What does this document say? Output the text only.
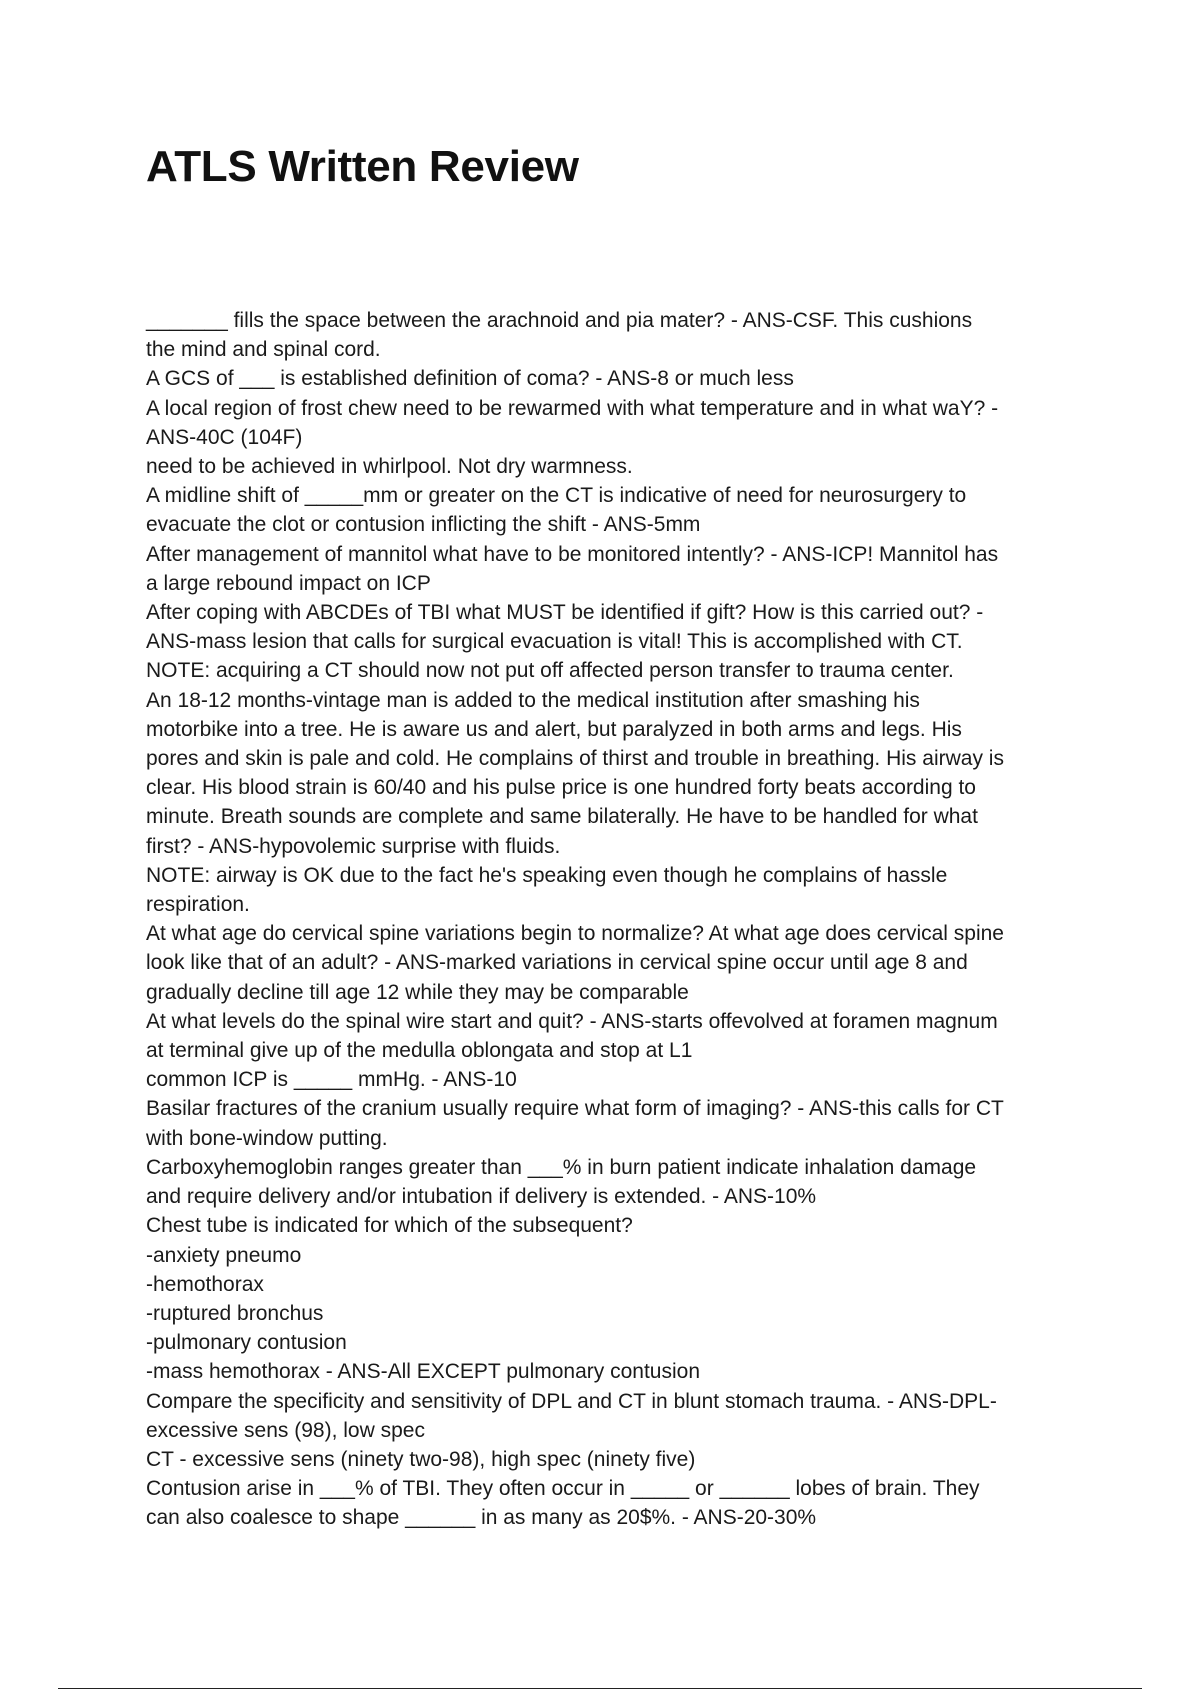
ATLS Written Review
_______ fills the space between the arachnoid and pia mater? - ANS-CSF. This cushions
the mind and spinal cord.
A GCS of ___ is established definition of coma? - ANS-8 or much less
A local region of frost chew need to be rewarmed with what temperature and in what waY? -
ANS-40C (104F)
need to be achieved in whirlpool. Not dry warmness.
A midline shift of _____mm or greater on the CT is indicative of need for neurosurgery to
evacuate the clot or contusion inflicting the shift - ANS-5mm
After management of mannitol what have to be monitored intently? - ANS-ICP! Mannitol has
a large rebound impact on ICP
After coping with ABCDEs of TBI what MUST be identified if gift? How is this carried out? -
ANS-mass lesion that calls for surgical evacuation is vital! This is accomplished with CT.
NOTE: acquiring a CT should now not put off affected person transfer to trauma center.
An 18-12 months-vintage man is added to the medical institution after smashing his
motorbike into a tree. He is aware us and alert, but paralyzed in both arms and legs. His
pores and skin is pale and cold. He complains of thirst and trouble in breathing. His airway is
clear. His blood strain is 60/40 and his pulse price is one hundred forty beats according to
minute. Breath sounds are complete and same bilaterally. He have to be handled for what
first? - ANS-hypovolemic surprise with fluids.
NOTE: airway is OK due to the fact he's speaking even though he complains of hassle
respiration.
At what age do cervical spine variations begin to normalize? At what age does cervical spine
look like that of an adult? - ANS-marked variations in cervical spine occur until age 8 and
gradually decline till age 12 while they may be comparable
At what levels do the spinal wire start and quit? - ANS-starts offevolved at foramen magnum
at terminal give up of the medulla oblongata and stop at L1
common ICP is _____ mmHg. - ANS-10
Basilar fractures of the cranium usually require what form of imaging? - ANS-this calls for CT
with bone-window putting.
Carboxyhemoglobin ranges greater than ___% in burn patient indicate inhalation damage
and require delivery and/or intubation if delivery is extended. - ANS-10%
Chest tube is indicated for which of the subsequent?
-anxiety pneumo
-hemothorax
-ruptured bronchus
-pulmonary contusion
-mass hemothorax - ANS-All EXCEPT pulmonary contusion
Compare the specificity and sensitivity of DPL and CT in blunt stomach trauma. - ANS-DPL-
excessive sens (98), low spec
CT - excessive sens (ninety two-98), high spec (ninety five)
Contusion arise in ___% of TBI. They often occur in _____ or ______ lobes of brain. They
can also coalesce to shape ______ in as many as 20$%. - ANS-20-30%
